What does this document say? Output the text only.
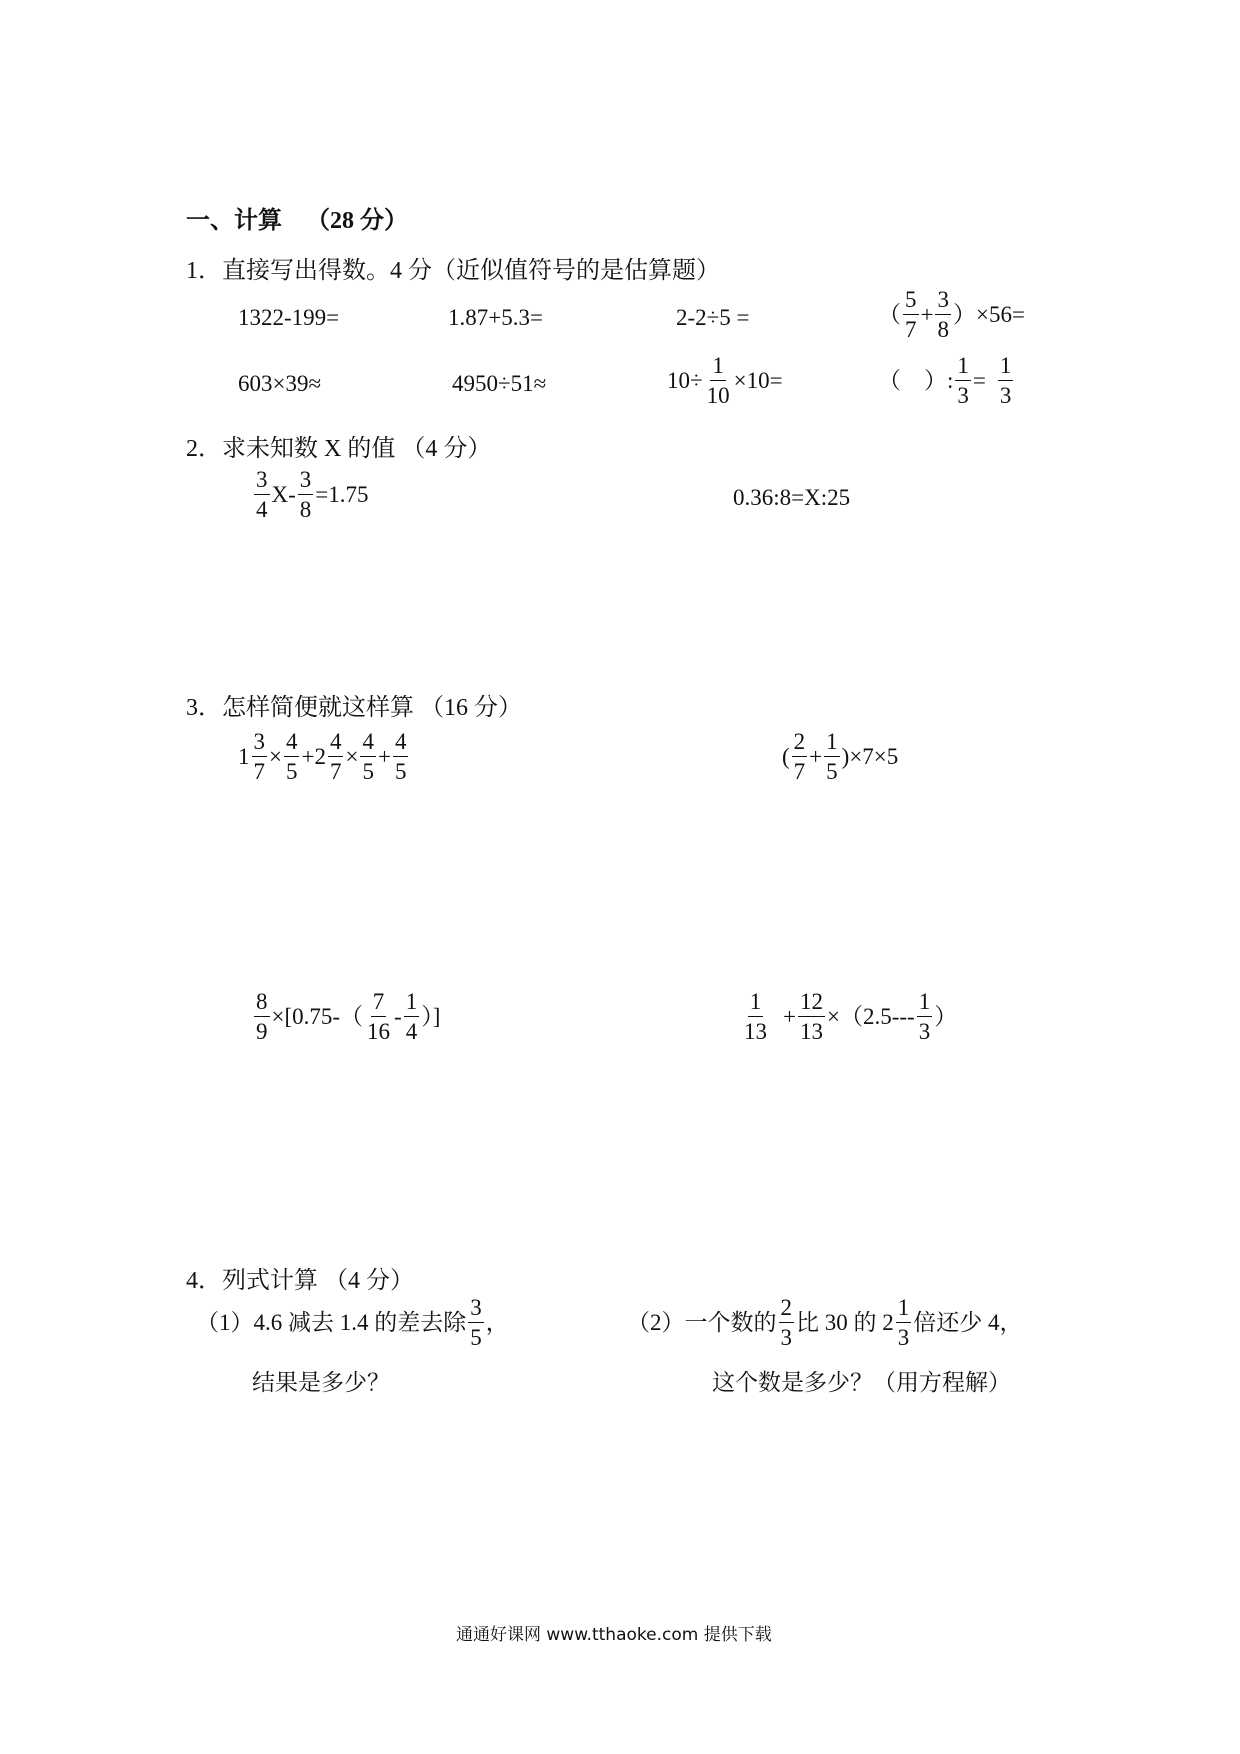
一、计算 （28 分）
1．直接写出得数。4 分（近似值符号的是估算题）
1322-199=	1.87+5.3=	2-2÷5 =	（ $\frac{5}{7} + \frac{3}{8} )\times 56=$
603×39≈	4950÷51≈	$10\div \frac{1}{10} \times 10=$	（    ） : $\frac{1}{3} = \frac{1}{3}$
2．求未知数 X 的值 （4 分）
$\frac{3}{4} X- \frac{3}{8} =1.75$	0.36:8=X:25
3．怎样简便就这样算 （16 分）
$1 \frac{3}{7} \times \frac{4}{5} +2 \frac{4}{7} \times \frac{4}{5} + \frac{4}{5}$	( $\frac{2}{7} + \frac{1}{5} )\times 7\times 5$
$\frac{8}{9} \times[0.75-( \frac{7}{16} - \frac{1}{4}$ ）]	$\frac{1}{13} + \frac{12}{13} \times(2.5--- \frac{1}{3}$ ）
4．列式计算 （4 分）
（1）4.6 减去 1.4 的差去除 $\frac{3}{5}$ ，
结果是多少？
（2）一个数的 $\frac{2}{3}$ 比 30 的 $2 \frac{1}{3}$ 倍还少 4，
这个数是多少？（用方程解）
通通好课网 www.tthaoke.com 提供下载
